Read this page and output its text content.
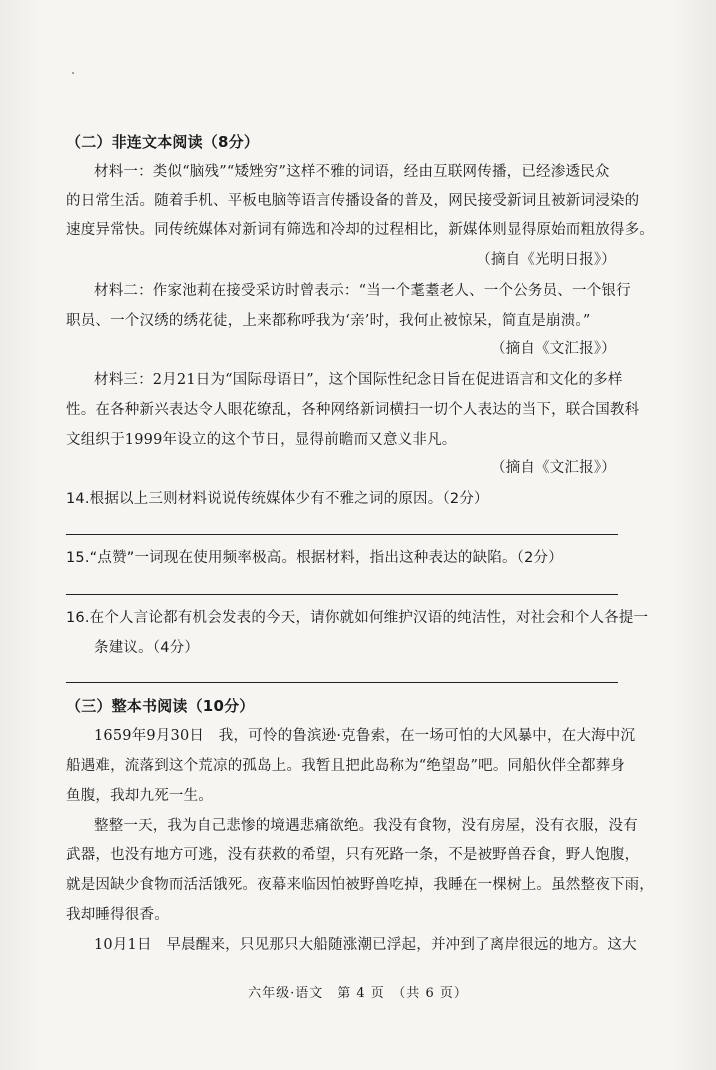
（二）非连文本阅读（8分）
材料一：类似“脑残”“矮矬穷”这样不雅的词语，经由互联网传播，已经渗透民众
的日常生活。随着手机、平板电脑等语言传播设备的普及，网民接受新词且被新词浸染的
速度异常快。同传统媒体对新词有筛选和冷却的过程相比，新媒体则显得原始而粗放得多。
（摘自《光明日报》）
材料二：作家池莉在接受采访时曾表示：“当一个耄耋老人、一个公务员、一个银行
职员、一个汉绣的绣花徒，上来都称呼我为‘亲’时，我何止被惊呆，简直是崩溃。”
（摘自《文汇报》）
材料三：2月21日为“国际母语日”，这个国际性纪念日旨在促进语言和文化的多样
性。在各种新兴表达令人眼花缭乱，各种网络新词横扫一切个人表达的当下，联合国教科
文组织于1999年设立的这个节日，显得前瞻而又意义非凡。
（摘自《文汇报》）
14.根据以上三则材料说说传统媒体少有不雅之词的原因。（2分）
15.“点赞”一词现在使用频率极高。根据材料，指出这种表达的缺陷。（2分）
16.在个人言论都有机会发表的今天，请你就如何维护汉语的纯洁性，对社会和个人各提一
条建议。（4分）
（三）整本书阅读（10分）
1659年9月30日　我，可怜的鲁滨逊·克鲁索，在一场可怕的大风暴中，在大海中沉
船遇难，流落到这个荒凉的孤岛上。我暂且把此岛称为“绝望岛”吧。同船伙伴全都葬身
鱼腹，我却九死一生。
整整一天，我为自己悲惨的境遇悲痛欲绝。我没有食物，没有房屋，没有衣服，没有
武器，也没有地方可逃，没有获救的希望，只有死路一条，不是被野兽吞食，野人饱腹，
就是因缺少食物而活活饿死。夜幕来临因怕被野兽吃掉，我睡在一棵树上。虽然整夜下雨，
我却睡得很香。
10月1日　早晨醒来，只见那只大船随涨潮已浮起，并冲到了离岸很远的地方。这大
六年级·语文　第 4 页　（共 6 页）
